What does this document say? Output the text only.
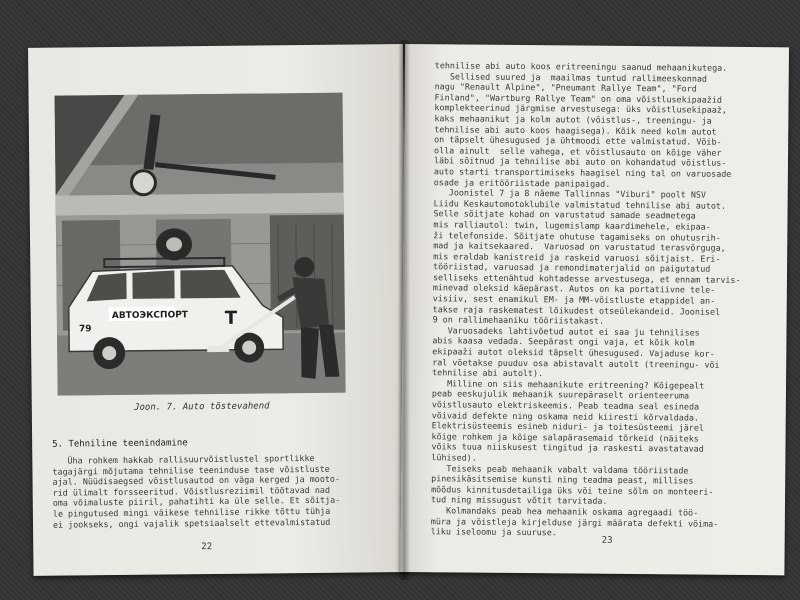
АВТОЭКСПОРТ
79
T
Joon. 7. Auto tõstevahend
5. Tehniline teenindamine

Üha rohkem hakkab rallisuurvõistlustel sportlikke

tagajärgi mõjutama tehnilise teeninduse tase võistluste

ajal. Nüüdisaegsed võistlusautod on väga kerged ja mooto-

rid ülimalt forsseeritud. Võistlusreziimil töötavad nad

oma võimaluste piiril, pahatihti ka üle selle. Et sõitja-

le pingutused mingi väikese tehnilise rikke tõttu tühja

ei jookseks, ongi vajalik spetsiaalselt ettevalmistatud

22

tehnilise abi auto koos eritreeningu saanud mehaanikutega.

Sellised suured ja  maailmas tuntud rallimeeskonnad

nagu "Renault Alpine", "Pneumant Rallye Team", "Ford

Finland", "Wartburg Rallye Team" on oma võistlusekipaažid

komplekteerinud järgmise arvestusega: üks võistlusekipaaž,

kaks mehaanikut ja kolm autot (võistlus-, treeningu- ja

tehnilise abi auto koos haagisega). Kõik need kolm autot

on täpselt ühesugused ja ühtmoodi ette valmistatud. Võib-

olla ainult  selle vahega, et võistlusauto on kõige väher

läbi sõitnud ja tehnilise abi auto on kohandatud võistlus-

auto starti transportimiseks haagisel ning tal on varuosade

osade ja eritööriistade panipaigad.

Joonistel 7 ja 8 näeme Tallinnas "Viburi" poolt NSV

Liidu Keskautomotoklubile valmistatud tehnilise abi autot.

Selle sõitjate kohad on varustatud samade seadmetega

mis ralliautol: twin, lugemislamp kaardimehele, ekipaa-

ži telefonside. Sõitjate ohutuse tagamiseks on ohutusrih-

mad ja kaitsekaared.  Varuosad on varustatud terasvõrguga,

mis eraldab kanistreid ja raskeid varuosi sõitjaist. Eri-

tööriistad, varuosad ja remondimaterjalid on paigutatud

selliseks ettenähtud kohtadesse arvestusega, et ennam tarvis-

minevad oleksid käepärast. Autos on ka portatiivne tele-

visiiv, sest enamikul EM- ja MM-võistluste etappidel an-

takse raja raskematest lõikudest otseülekandeid. Joonisel

9 on rallimehaaniku tööriistakast.

Varuosadeks lahtivõetud autot ei saa ju tehnilises

abis kaasa vedada. Seepärast ongi vaja, et kõik kolm

ekipaaži autot oleksid täpselt ühesugused. Vajaduse kor-

ral võetakse puuduv osa abistavalt autolt (treeningu- või

tehnilise abi autolt).

Milline on siis mehaanikute eritreening? Kõigepealt

peab eeskujulik mehaanik suurepäraselt orienteeruma

võistlusauto elektriskeemis. Peab teadma seal esineda

võivaid defekte ning oskama neid kiiresti kõrvaldada.

Elektrisüsteemis esineb niduri- ja toitesüsteemi järel

kõige rohkem ja kõige salapärasemaid tõrkeid (näiteks

võiks tuua niiskusest tingitud ja raskesti avastatavad

lühised).

Teiseks peab mehaanik vabalt valdama tööriistade

pinesikäsitsemise kunsti ning teadma peast, millises

mõõdus kinnitusdetailiga üks või teine sõlm on monteeri-

tud ning missugust võtit tarvitada.

Kolmandaks peab hea mehaanik oskama agregaadi töö-

müra ja võistleja kirjelduse järgi määrata defekti võima-

liku iseloomu ja suuruse.

23
